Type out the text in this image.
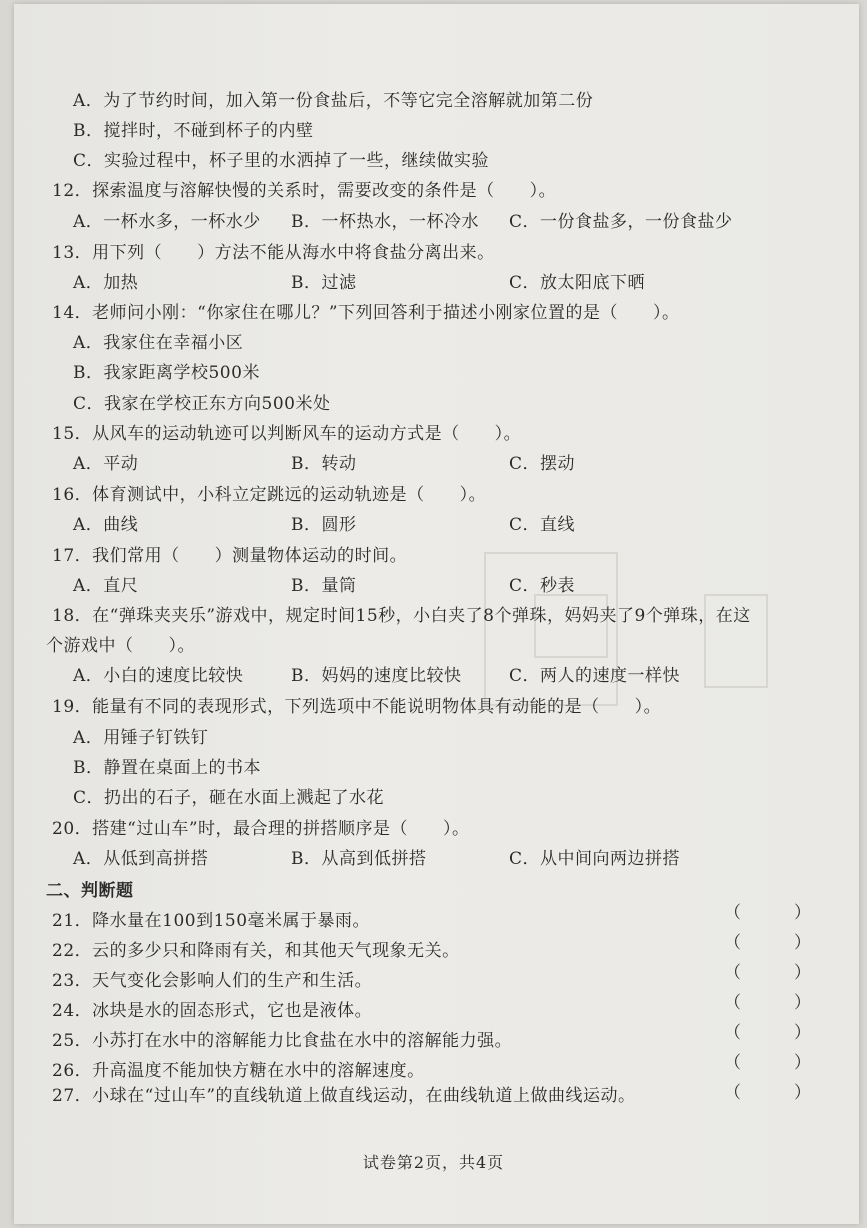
A．为了节约时间，加入第一份食盐后，不等它完全溶解就加第二份
B．搅拌时，不碰到杯子的内壁
C．实验过程中，杯子里的水洒掉了一些，继续做实验
12．探索温度与溶解快慢的关系时，需要改变的条件是（　　）。
A．一杯水多，一杯水少 B．一杯热水，一杯冷水 C．一份食盐多，一份食盐少
13．用下列（　　）方法不能从海水中将食盐分离出来。
A．加热	B．过滤	C．放太阳底下晒
14．老师问小刚：“你家住在哪儿？”下列回答利于描述小刚家位置的是（　　）。
A．我家住在幸福小区
B．我家距离学校500米
C．我家在学校正东方向500米处
15．从风车的运动轨迹可以判断风车的运动方式是（　　）。
A．平动	B．转动	C．摆动
16．体育测试中，小科立定跳远的运动轨迹是（　　）。
A．曲线	B．圆形	C．直线
17．我们常用（　　）测量物体运动的时间。
A．直尺	B．量筒	C．秒表
18．在“弹珠夹夹乐”游戏中，规定时间15秒，小白夹了8个弹珠，妈妈夹了9个弹珠，在这
个游戏中（　　）。
A．小白的速度比较快	B．妈妈的速度比较快	C．两人的速度一样快
19．能量有不同的表现形式，下列选项中不能说明物体具有动能的是（　　）。
A．用锤子钉铁钉
B．静置在桌面上的书本
C．扔出的石子，砸在水面上溅起了水花
20．搭建“过山车”时，最合理的拼搭顺序是（　　）。
A．从低到高拼搭	B．从高到低拼搭	C．从中间向两边拼搭
二、判断题
21．降水量在100到150毫米属于暴雨。	（　）
22．云的多少只和降雨有关，和其他天气现象无关。	（　）
23．天气变化会影响人们的生产和生活。	（　）
24．冰块是水的固态形式，它也是液体。	（　）
25．小苏打在水中的溶解能力比食盐在水中的溶解能力强。	（　）
26．升高温度不能加快方糖在水中的溶解速度。	（　）
27．小球在“过山车”的直线轨道上做直线运动，在曲线轨道上做曲线运动。	（　）
试卷第2页，共4页
